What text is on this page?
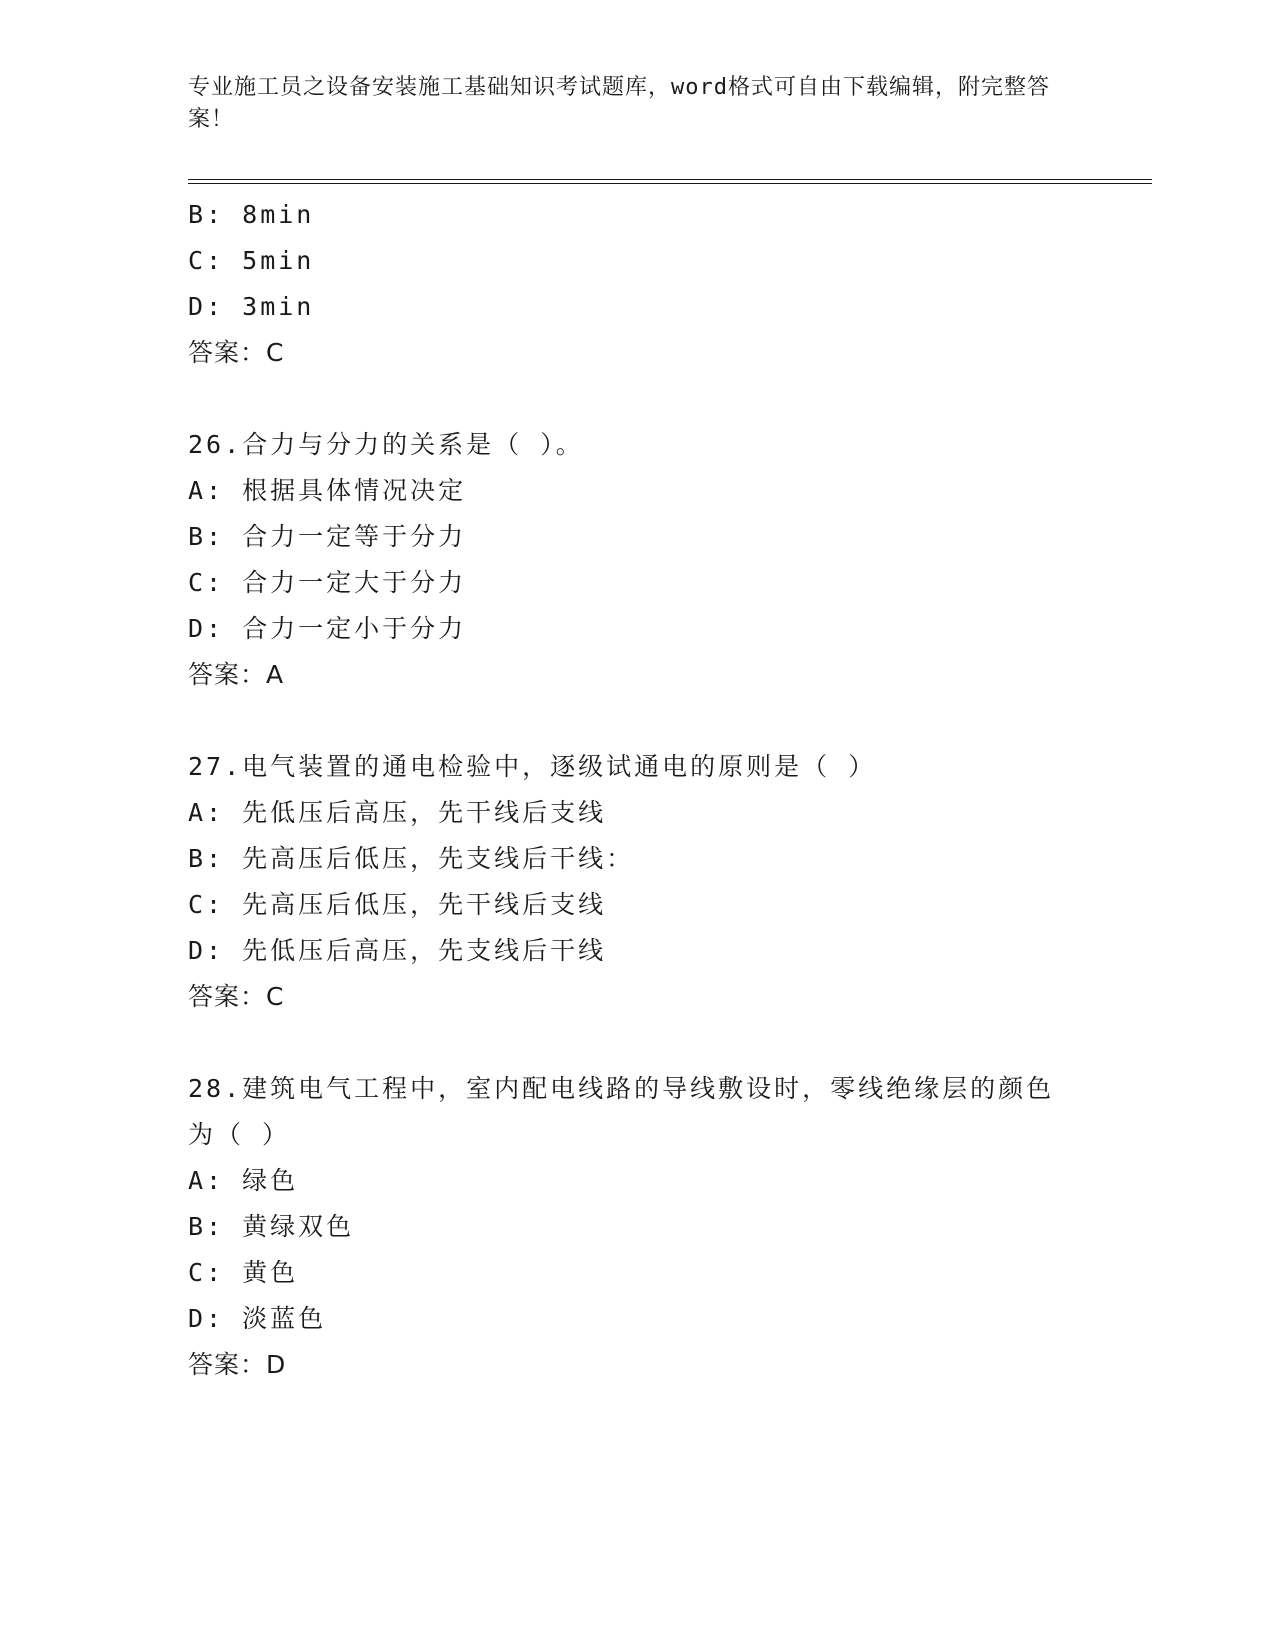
专业施工员之设备安装施工基础知识考试题库，word格式可自由下载编辑，附完整答案！
B: 8min
C: 5min
D: 3min
答案：C
26.合力与分力的关系是（ ）。
A: 根据具体情况决定
B: 合力一定等于分力
C: 合力一定大于分力
D: 合力一定小于分力
答案：A
27.电气装置的通电检验中，逐级试通电的原则是（ ）
A: 先低压后高压，先干线后支线
B: 先高压后低压，先支线后干线：
C: 先高压后低压，先干线后支线
D: 先低压后高压，先支线后干线
答案：C
28.建筑电气工程中，室内配电线路的导线敷设时，零线绝缘层的颜色为（ ）
A: 绿色
B: 黄绿双色
C: 黄色
D: 淡蓝色
答案：D
